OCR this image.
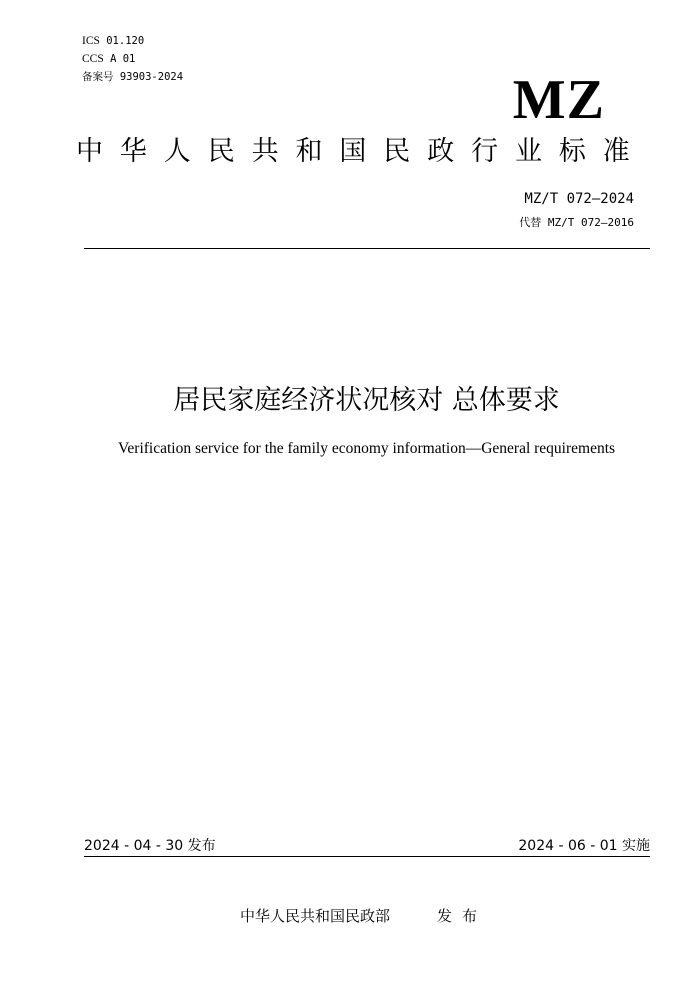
ICS 01.120
CCS A 01
备案号 93903-2024	MZ
中华人民共和国民政行业标准
MZ/T 072—2024
代替 MZ/T 072—2016
居民家庭经济状况核对 总体要求
Verification service for the family economy information—General requirements
2024 - 04 - 30 发布	2024 - 06 - 01 实施
中华人民共和国民政部	发布
